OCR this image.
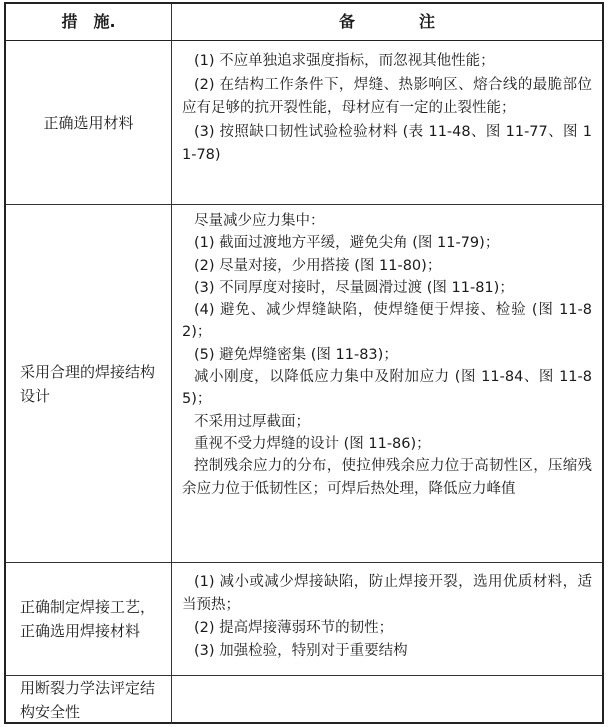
措　施.	备　　　　注
正确选用材料
(1) 不应单独追求强度指标，而忽视其他性能；
(2) 在结构工作条件下，焊缝、热影响区、熔合线的最脆部位应有足够的抗开裂性能，母材应有一定的止裂性能；
(3) 按照缺口韧性试验检验材料 (表 11-48、图 11-77、图 11-78)
采用合理的焊接结构设计
尽量减少应力集中：
(1) 截面过渡地方平缓，避免尖角 (图 11-79)；
(2) 尽量对接，少用搭接 (图 11-80)；
(3) 不同厚度对接时，尽量圆滑过渡 (图 11-81)；
(4) 避免、减少焊缝缺陷，使焊缝便于焊接、检验 (图 11-82)；
(5) 避免焊缝密集 (图 11-83)；
减小刚度，以降低应力集中及附加应力 (图 11-84、图 11-85)；
不采用过厚截面；
重视不受力焊缝的设计 (图 11-86)；
控制残余应力的分布，使拉伸残余应力位于高韧性区，压缩残余应力位于低韧性区；可焊后热处理，降低应力峰值
正确制定焊接工艺，正确选用焊接材料
(1) 减小或减少焊接缺陷，防止焊接开裂，选用优质材料，适当预热；
(2) 提高焊接薄弱环节的韧性；
(3) 加强检验，特别对于重要结构
用断裂力学法评定结构安全性
